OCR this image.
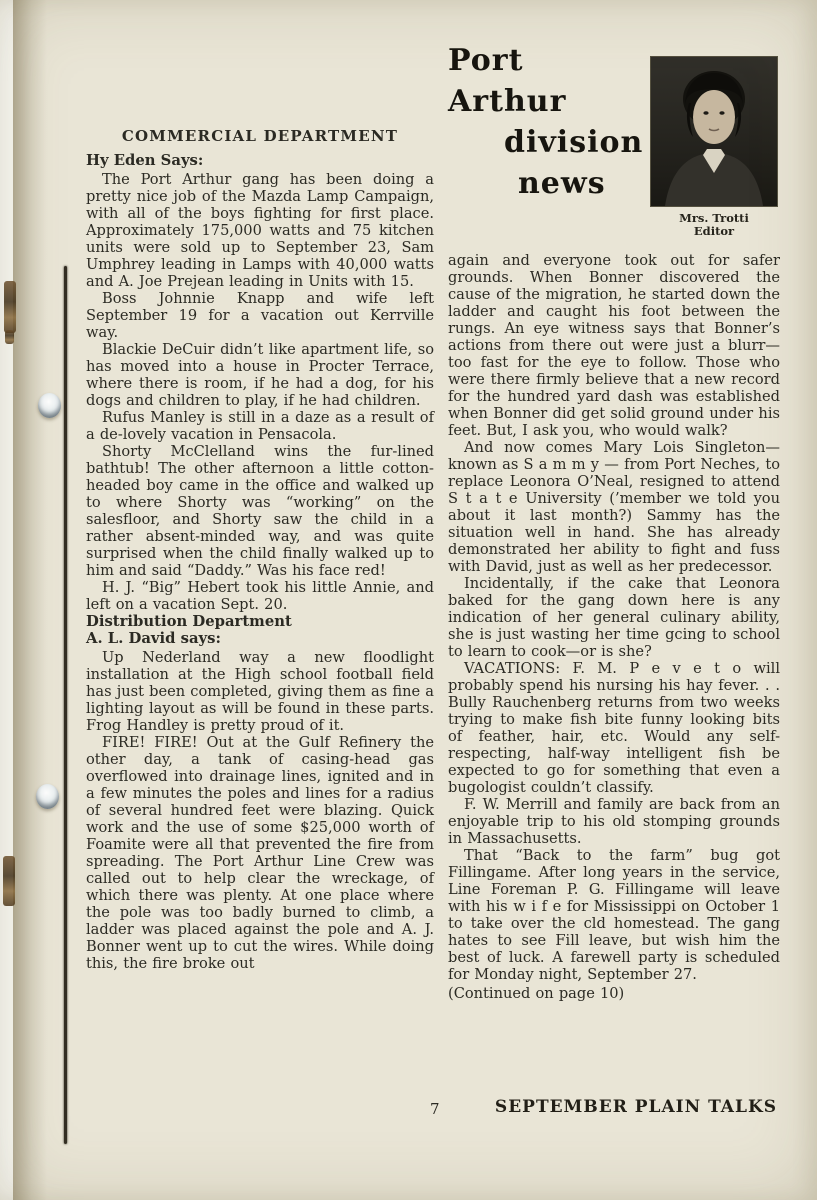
Port Arthur
division
news
Mrs. Trotti
Editor
COMMERCIAL DEPARTMENT
Hy Eden Says:

The Port Arthur gang has been doing a pretty nice job of the Mazda Lamp Campaign, with all of the boys fighting for first place. Approximately 175,000 watts and 75 kitchen units were sold up to September 23, Sam Umphrey leading in Lamps with 40,000 watts and A. Joe Prejean leading in Units with 15.

Boss Johnnie Knapp and wife left September 19 for a vacation out Kerrville way.

Blackie DeCuir didn’t like apartment life, so has moved into a house in Procter Terrace, where there is room, if he had a dog, for his dogs and children to play, if he had children.

Rufus Manley is still in a daze as a result of a de-lovely vacation in Pensacola.

Shorty McClelland wins the fur-lined bathtub! The other afternoon a little cotton-headed boy came in the office and walked up to where Shorty was “working” on the salesfloor, and Shorty saw the child in a rather absent-minded way, and was quite surprised when the child finally walked up to him and said “Daddy.” Was his face red!

H. J. “Big” Hebert took his little Annie, and left on a vacation Sept. 20.

Distribution Department
A. L. David says:

Up Nederland way a new floodlight installation at the High school football field has just been completed, giving them as fine a lighting layout as will be found in these parts. Frog Handley is pretty proud of it.

FIRE! FIRE! Out at the Gulf Refinery the other day, a tank of casing-head gas overflowed into drainage lines, ignited and in a few minutes the poles and lines for a radius of several hundred feet were blazing. Quick work and the use of some $25,000 worth of Foamite were all that prevented the fire from spreading. The Port Arthur Line Crew was called out to help clear the wreckage, of which there was plenty. At one place where the pole was too badly burned to climb, a ladder was placed against the pole and A. J. Bonner went up to cut the wires. While doing this, the fire broke out

again and everyone took out for safer grounds. When Bonner discovered the cause of the migration, he started down the ladder and caught his foot between the rungs. An eye witness says that Bonner’s actions from there out were just a blurr—too fast for the eye to follow. Those who were there firmly believe that a new record for the hundred yard dash was established when Bonner did get solid ground under his feet. But, I ask you, who would walk?

And now comes Mary Lois Singleton—known as S a m m y — from Port Neches, to replace Leonora O’Neal, resigned to attend S t a t e University (’member we told you about it last month?) Sammy has the situation well in hand. She has already demonstrated her ability to fight and fuss with David, just as well as her predecessor.

Incidentally, if the cake that Leonora baked for the gang down here is any indication of her general culinary ability, she is just wasting her time gcing to school to learn to cook—or is she?

VACATIONS: F. M. P e v e t o will probably spend his nursing his hay fever. . . Bully Rauchenberg returns from two weeks trying to make fish bite funny looking bits of feather, hair, etc. Would any self-respecting, half-way intelligent fish be expected to go for something that even a bugologist couldn’t classify.

F. W. Merrill and family are back from an enjoyable trip to his old stomping grounds in Massachusetts.

That “Back to the farm” bug got Fillingame. After long years in the service, Line Foreman P. G. Fillingame will leave with his w i f e for Mississippi on October 1 to take over the cld homestead. The gang hates to see Fill leave, but wish him the best of luck. A farewell party is scheduled for Monday night, September 27.

(Continued on page 10)

7	SEPTEMBER PLAIN TALKS
